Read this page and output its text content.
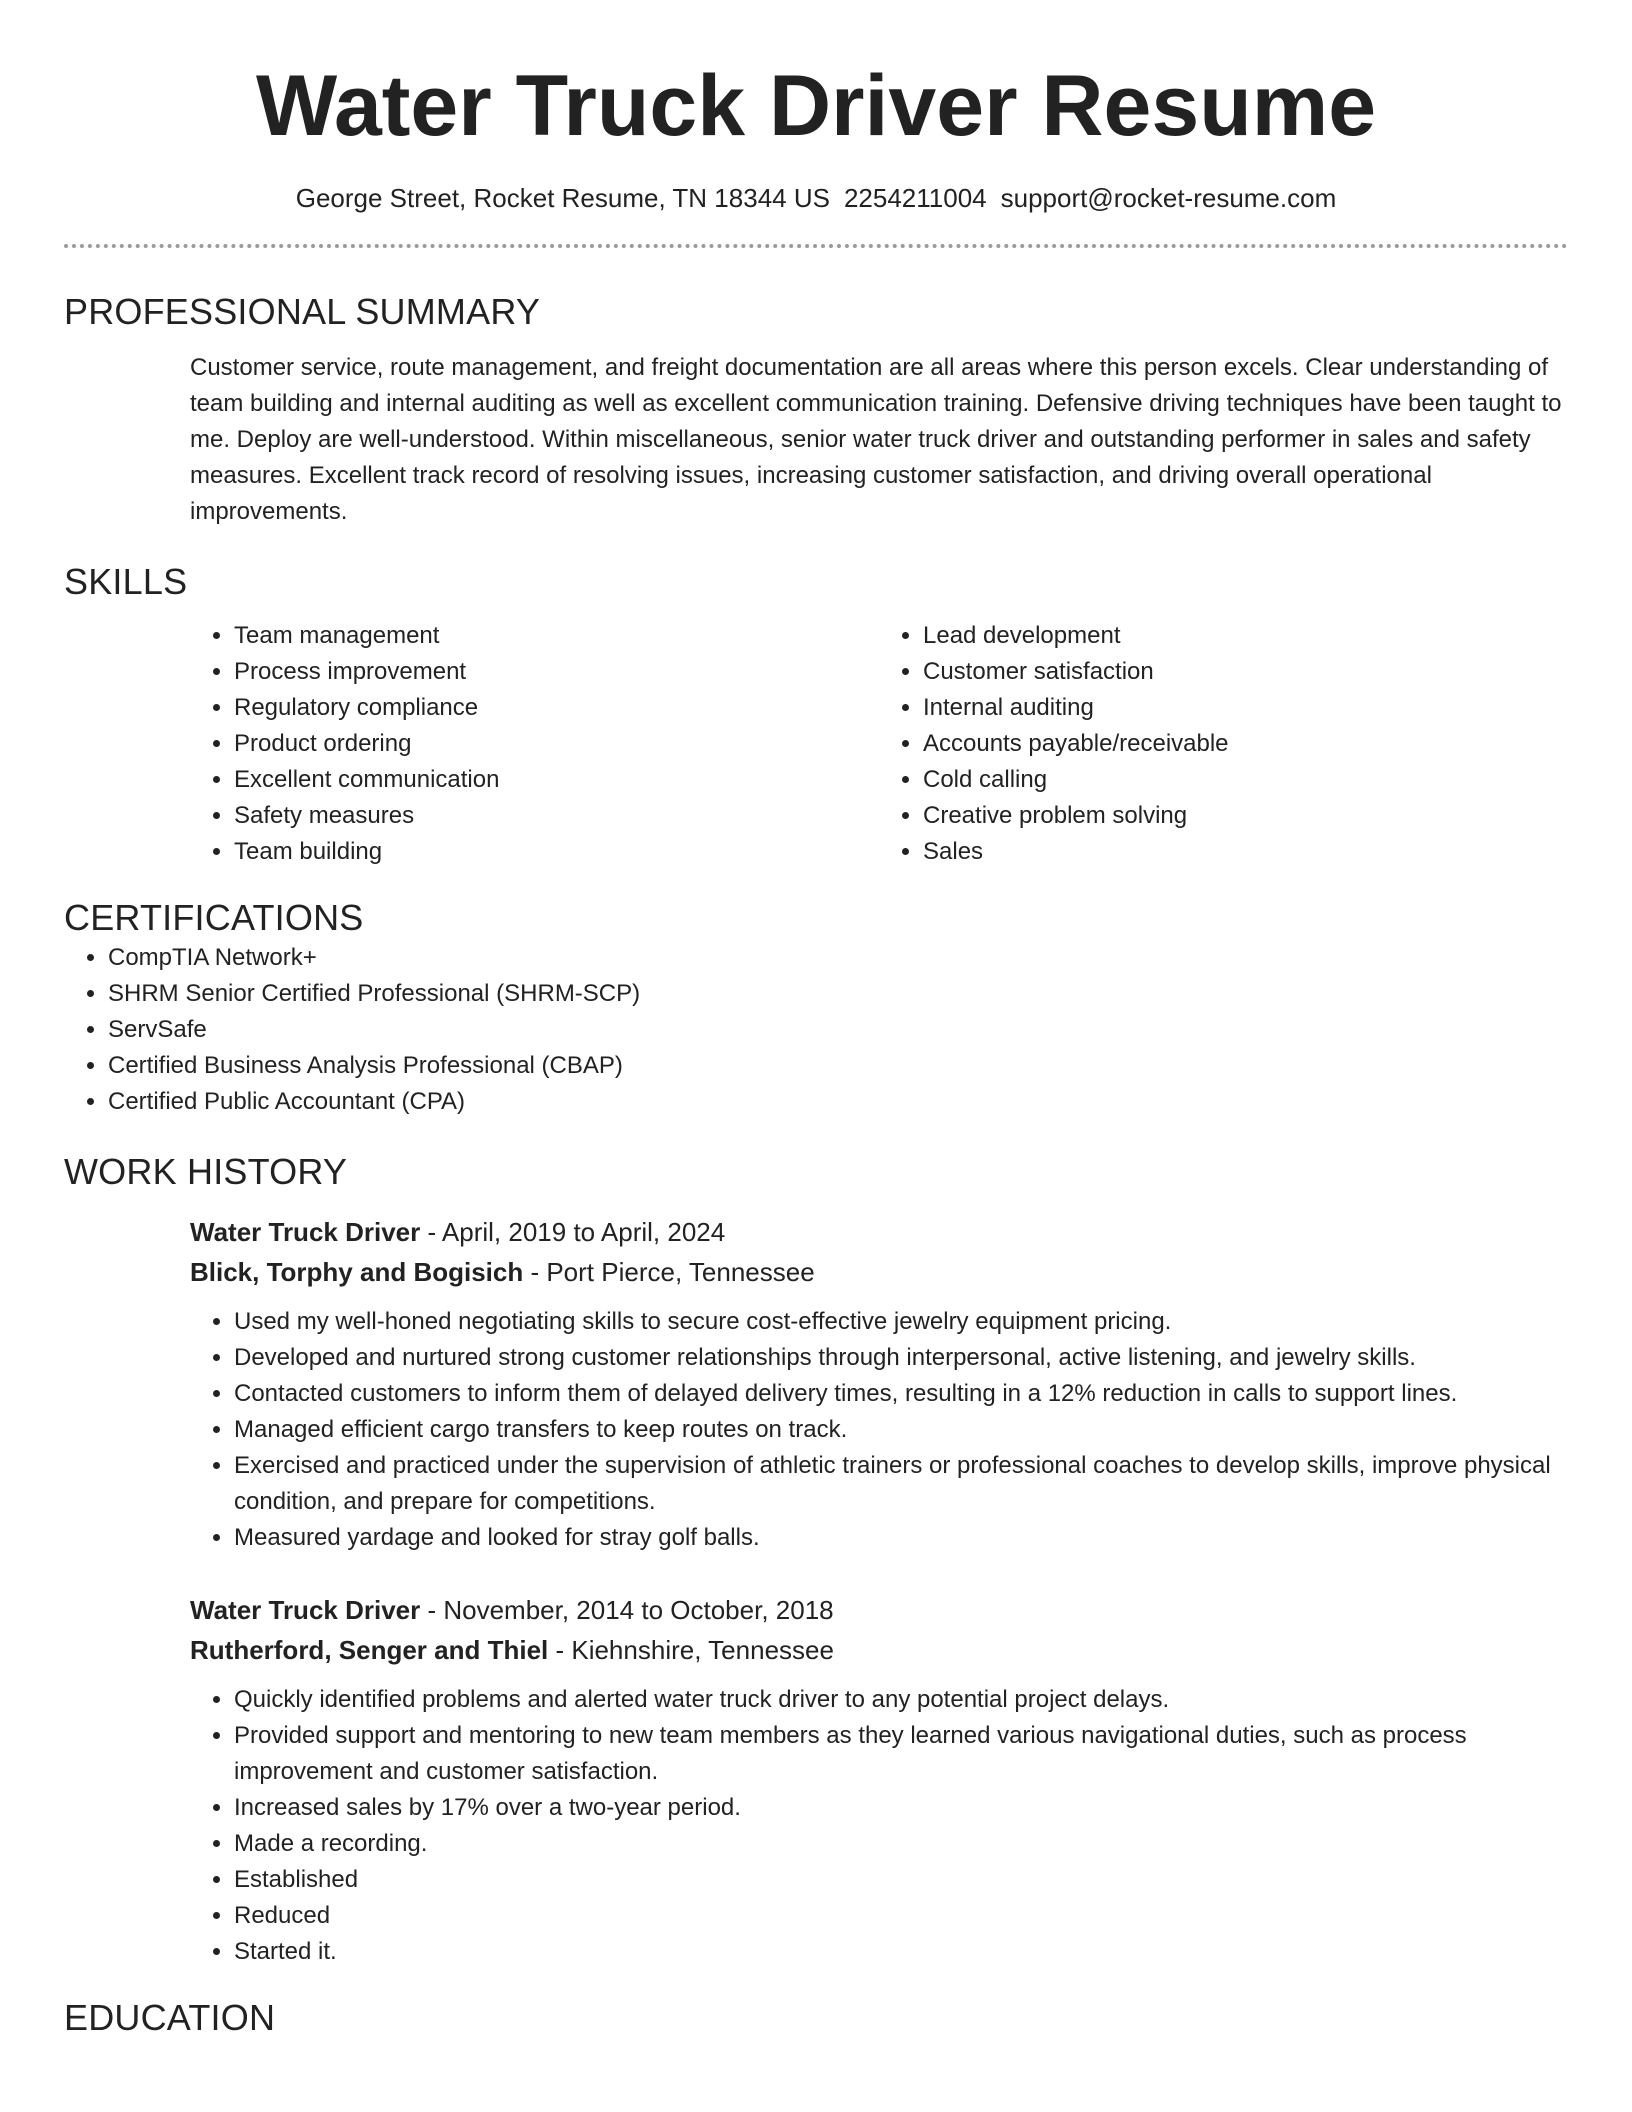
Water Truck Driver Resume
George Street, Rocket Resume, TN 18344 US 2254211004 support@rocket-resume.com
PROFESSIONAL SUMMARY

Customer service, route management, and freight documentation are all areas where this person excels. Clear understanding of team building and internal auditing as well as excellent communication training. Defensive driving techniques have been taught to me. Deploy are well-understood. Within miscellaneous, senior water truck driver and outstanding performer in sales and safety measures. Excellent track record of resolving issues, increasing customer satisfaction, and driving overall operational improvements.

SKILLS
• Team management
• Process improvement
• Regulatory compliance
• Product ordering
• Excellent communication
• Safety measures
• Team building
• Lead development
• Customer satisfaction
• Internal auditing
• Accounts payable/receivable
• Cold calling
• Creative problem solving
• Sales
CERTIFICATIONS
• CompTIA Network+
• SHRM Senior Certified Professional (SHRM-SCP)
• ServSafe
• Certified Business Analysis Professional (CBAP)
• Certified Public Accountant (CPA)
WORK HISTORY
Water Truck Driver - April, 2019 to April, 2024
Blick, Torphy and Bogisich - Port Pierce, Tennessee
• Used my well-honed negotiating skills to secure cost-effective jewelry equipment pricing.
• Developed and nurtured strong customer relationships through interpersonal, active listening, and jewelry skills.
• Contacted customers to inform them of delayed delivery times, resulting in a 12% reduction in calls to support lines.
• Managed efficient cargo transfers to keep routes on track.
• Exercised and practiced under the supervision of athletic trainers or professional coaches to develop skills, improve physical condition, and prepare for competitions.
• Measured yardage and looked for stray golf balls.
Water Truck Driver - November, 2014 to October, 2018
Rutherford, Senger and Thiel - Kiehnshire, Tennessee
• Quickly identified problems and alerted water truck driver to any potential project delays.
• Provided support and mentoring to new team members as they learned various navigational duties, such as process improvement and customer satisfaction.
• Increased sales by 17% over a two-year period.
• Made a recording.
• Established
• Reduced
• Started it.
EDUCATION
